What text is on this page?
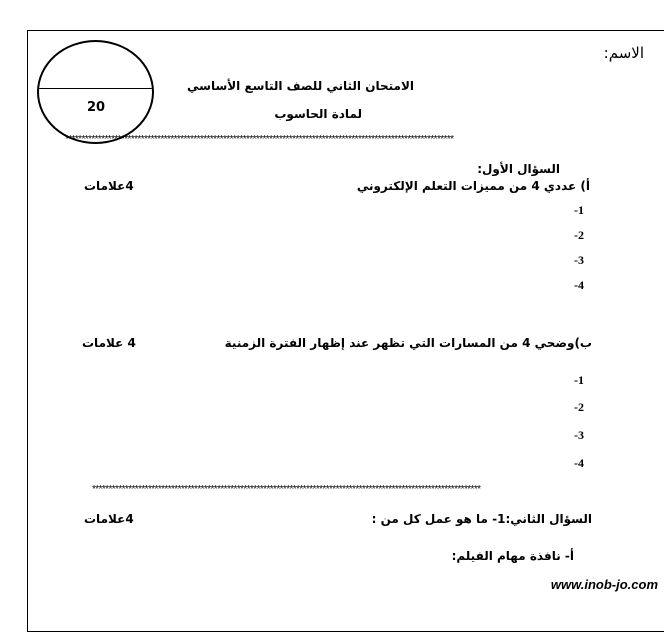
20
الاسم:
الامتحان الثاني للصف التاسع الأساسي
لمادة الحاسوب
**********************************************************************************************************************
السؤال الأول:
أ) عددي 4 من مميزات التعلم الإلكتروني
4علامات
-1
-2
-3
-4
ب)وضحي 4 من المسارات التي تظهر عند إظهار الفترة الزمنية
4 علامات
-1
-2
-3
-4
**********************************************************************************************************************
السؤال الثاني:1- ما هو عمل كل من :
4علامات
أ- نافذة مهام الفيلم:
www.inob-jo.com
